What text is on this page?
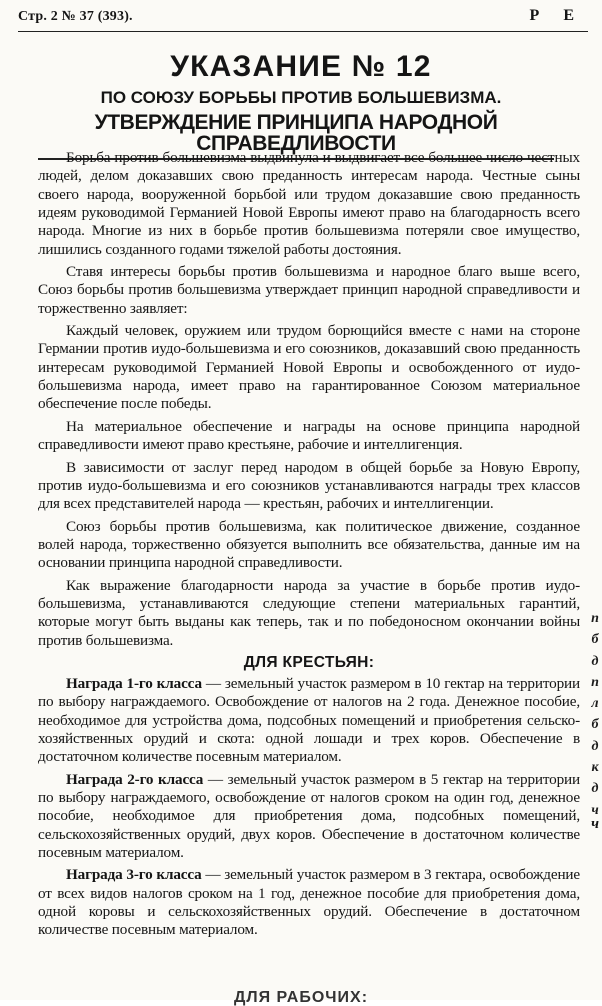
Стр. 2 № 37 (393).	Р Е
УКАЗАНИЕ № 12
ПО СОЮЗУ БОРЬБЫ ПРОТИВ БОЛЬШЕВИЗМА.
УТВЕРЖДЕНИЕ ПРИНЦИПА НАРОДНОЙ СПРАВЕДЛИВОСТИ

Борьба против большевизма выдвинула и выдвигает все большее число честных людей, делом доказавших свою преданность интересам народа. Честные сыны своего народа, вооруженной борьбой или трудом доказавшие свою преданность идеям руководимой Германией Новой Европы имеют право на благодарность всего народа. Многие из них в борьбе против большевизма потеряли свое имущество, лишились созданного годами тяжелой работы достояния.

Ставя интересы борьбы против большевизма и народное благо выше всего, Союз борьбы против большевизма утверждает принцип народной справедливости и торжественно заявляет:

Каждый человек, оружием или трудом борющийся вместе с нами на стороне Германии против иудо-большевизма и его союзников, доказавший свою преданность интересам руководимой Германией Новой Европы и освобожденного от иудо-большевизма народа, имеет право на гарантированное Союзом материальное обеспечение после победы.

На материальное обеспечение и награды на основе принципа народной справедливости имеют право крестьяне, рабочие и интеллигенция.

В зависимости от заслуг перед народом в общей борьбе за Новую Европу, против иудо-большевизма и его союзников устанавливаются награды трех классов для всех представителей народа — крестьян, рабочих и интеллигенции.

Союз борьбы против большевизма, как политическое движение, созданное волей народа, торжественно обязуется выполнить все обязательства, данные им на основании принципа народной справедливости.

Как выражение благодарности народа за участие в борьбе против иудо-большевизма, устанавливаются следующие степени материальных гарантий, которые могут быть выданы как теперь, так и по победоносном окончании войны против большевизма.

ДЛЯ КРЕСТЬЯН:

Награда 1-го класса — земельный участок размером в 10 гектар на территории по выбору награждаемого. Освобождение от налогов на 2 года. Денежное пособие, необходимое для устройства дома, подсобных помещений и приобретения сельско-хозяйственных орудий и скота: одной лошади и трех коров. Обеспечение в достаточном количестве посевным материалом.

Награда 2-го класса — земельный участок размером в 5 гектар на территории по выбору награждаемого, освобождение от налогов сроком на один год, денежное пособие, необходимое для приобретения дома, подсобных помещений, сельскохозяйственных орудий, двух коров. Обеспечение в достаточном количестве посевным материалом.

Награда 3-го класса — земельный участок размером в 3 гектара, освобождение от всех видов налогов сроком на 1 год, денежное пособие для приобретения дома, одной коровы и сельскохозяйственных орудий. Обеспечение в достаточном количестве посевным материалом.

ДЛЯ РАБОЧИХ:
п
б
д
п
л
б
д
к
д
ч
ч
